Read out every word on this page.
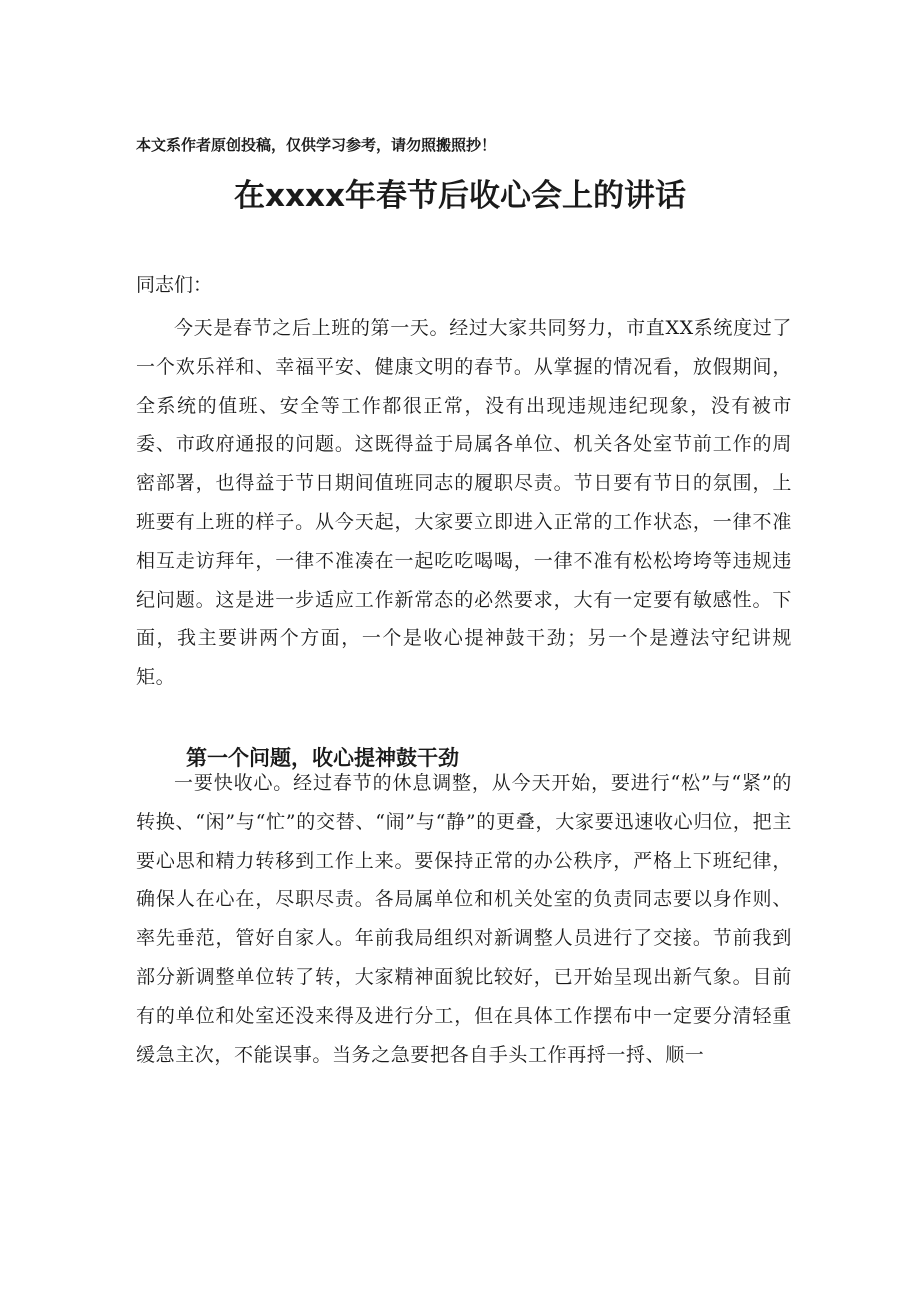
本文系作者原创投稿，仅供学习参考，请勿照搬照抄！
在xxxx年春节后收心会上的讲话
同志们：

今天是春节之后上班的第一天。经过大家共同努力，市直XX系统度过了一个欢乐祥和、幸福平安、健康文明的春节。从掌握的情况看，放假期间，全系统的值班、安全等工作都很正常，没有出现违规违纪现象，没有被市委、市政府通报的问题。这既得益于局属各单位、机关各处室节前工作的周密部署，也得益于节日期间值班同志的履职尽责。节日要有节日的氛围，上班要有上班的样子。从今天起，大家要立即进入正常的工作状态，一律不准相互走访拜年，一律不准凑在一起吃吃喝喝，一律不准有松松垮垮等违规违纪问题。这是进一步适应工作新常态的必然要求，大有一定要有敏感性。下面，我主要讲两个方面，一个是收心提神鼓干劲；另一个是遵法守纪讲规矩。

第一个问题，收心提神鼓干劲

一要快收心。经过春节的休息调整，从今天开始，要进行“松”与“紧”的转换、“闲”与“忙”的交替、“闹”与“静”的更叠，大家要迅速收心归位，把主要心思和精力转移到工作上来。要保持正常的办公秩序，严格上下班纪律，确保人在心在，尽职尽责。各局属单位和机关处室的负责同志要以身作则、率先垂范，管好自家人。年前我局组织对新调整人员进行了交接。节前我到部分新调整单位转了转，大家精神面貌比较好，已开始呈现出新气象。目前有的单位和处室还没来得及进行分工，但在具体工作摆布中一定要分清轻重缓急主次，不能误事。当务之急要把各自手头工作再捋一捋、顺一
